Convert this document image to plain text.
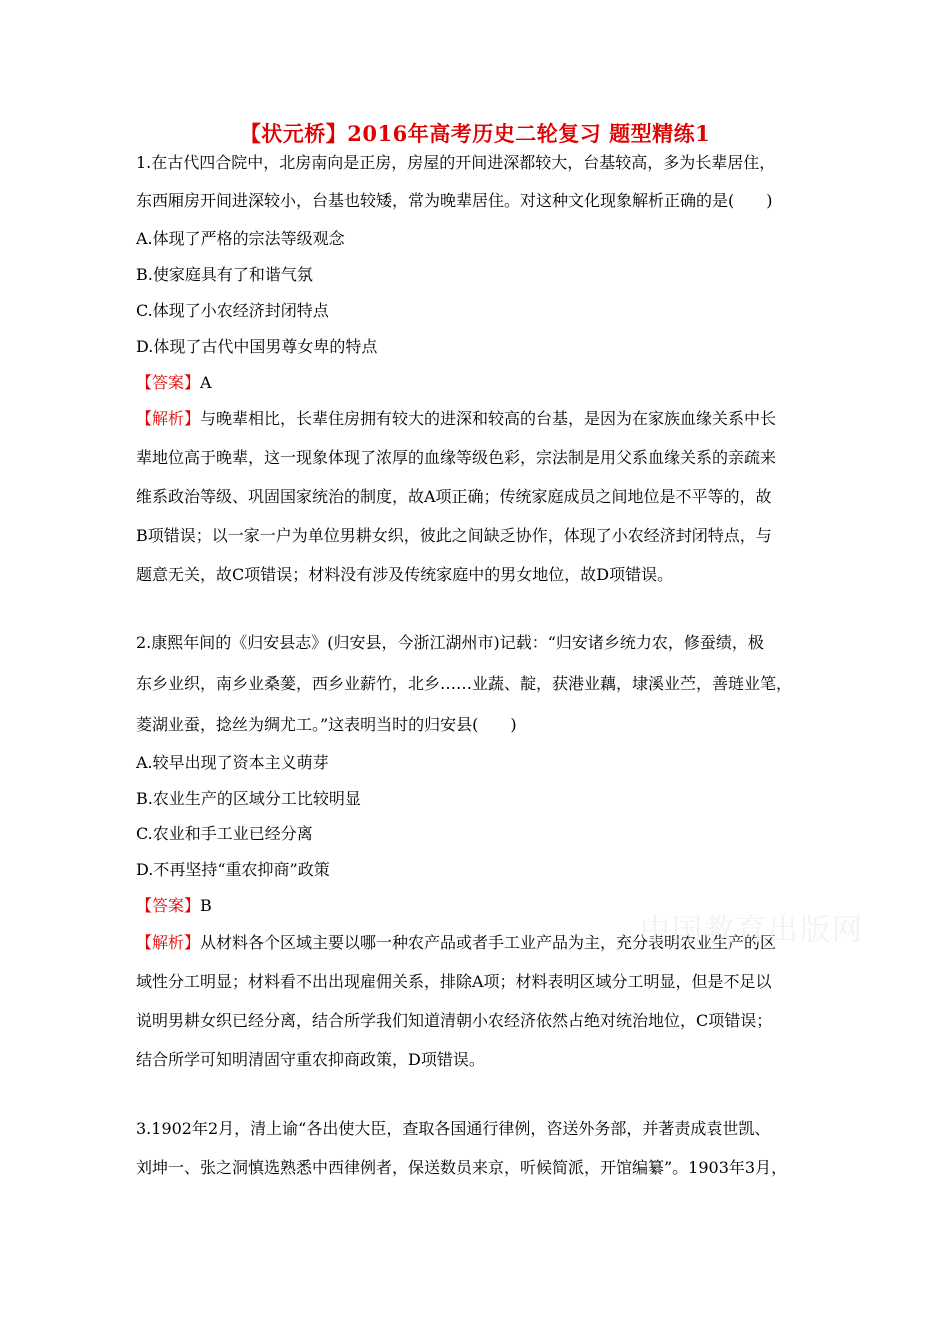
【状元桥】2016年高考历史二轮复习 题型精练1
1.在古代四合院中，北房南向是正房，房屋的开间进深都较大，台基较高，多为长辈居住，
东西厢房开间进深较小，台基也较矮，常为晚辈居住。对这种文化现象解析正确的是(　　)
A.体现了严格的宗法等级观念
B.使家庭具有了和谐气氛
C.体现了小农经济封闭特点
D.体现了古代中国男尊女卑的特点
【答案】A
【解析】与晚辈相比，长辈住房拥有较大的进深和较高的台基，是因为在家族血缘关系中长
辈地位高于晚辈，这一现象体现了浓厚的血缘等级色彩，宗法制是用父系血缘关系的亲疏来
维系政治等级、巩固国家统治的制度，故A项正确；传统家庭成员之间地位是不平等的，故
B项错误；以一家一户为单位男耕女织，彼此之间缺乏协作，体现了小农经济封闭特点，与
题意无关，故C项错误；材料没有涉及传统家庭中的男女地位，故D项错误。
2.康熙年间的《归安县志》(归安县，今浙江湖州市)记载：“归安诸乡统力农，修蚕绩，极
东乡业织，南乡业桑蓌，西乡业薪竹，北乡……业蔬、靛，获港业藕，埭溪业苎，善琏业笔，
菱湖业蚕，捻丝为绸尤工。”这表明当时的归安县(　　)
A.较早出现了资本主义萌芽
B.农业生产的区域分工比较明显
C.农业和手工业已经分离
D.不再坚持“重农抑商”政策
【答案】B
【解析】从材料各个区域主要以哪一种农产品或者手工业产品为主，充分表明农业生产的区
域性分工明显；材料看不出出现雇佣关系，排除A项；材料表明区域分工明显，但是不足以
说明男耕女织已经分离，结合所学我们知道清朝小农经济依然占绝对统治地位，C项错误；
结合所学可知明清固守重农抑商政策，D项错误。
中国教育出版网
3.1902年2月，清上谕“各出使大臣，查取各国通行律例，咨送外务部，并著责成袁世凯、
刘坤一、张之洞慎选熟悉中西律例者，保送数员来京，听候简派，开馆编纂”。1903年3月，
